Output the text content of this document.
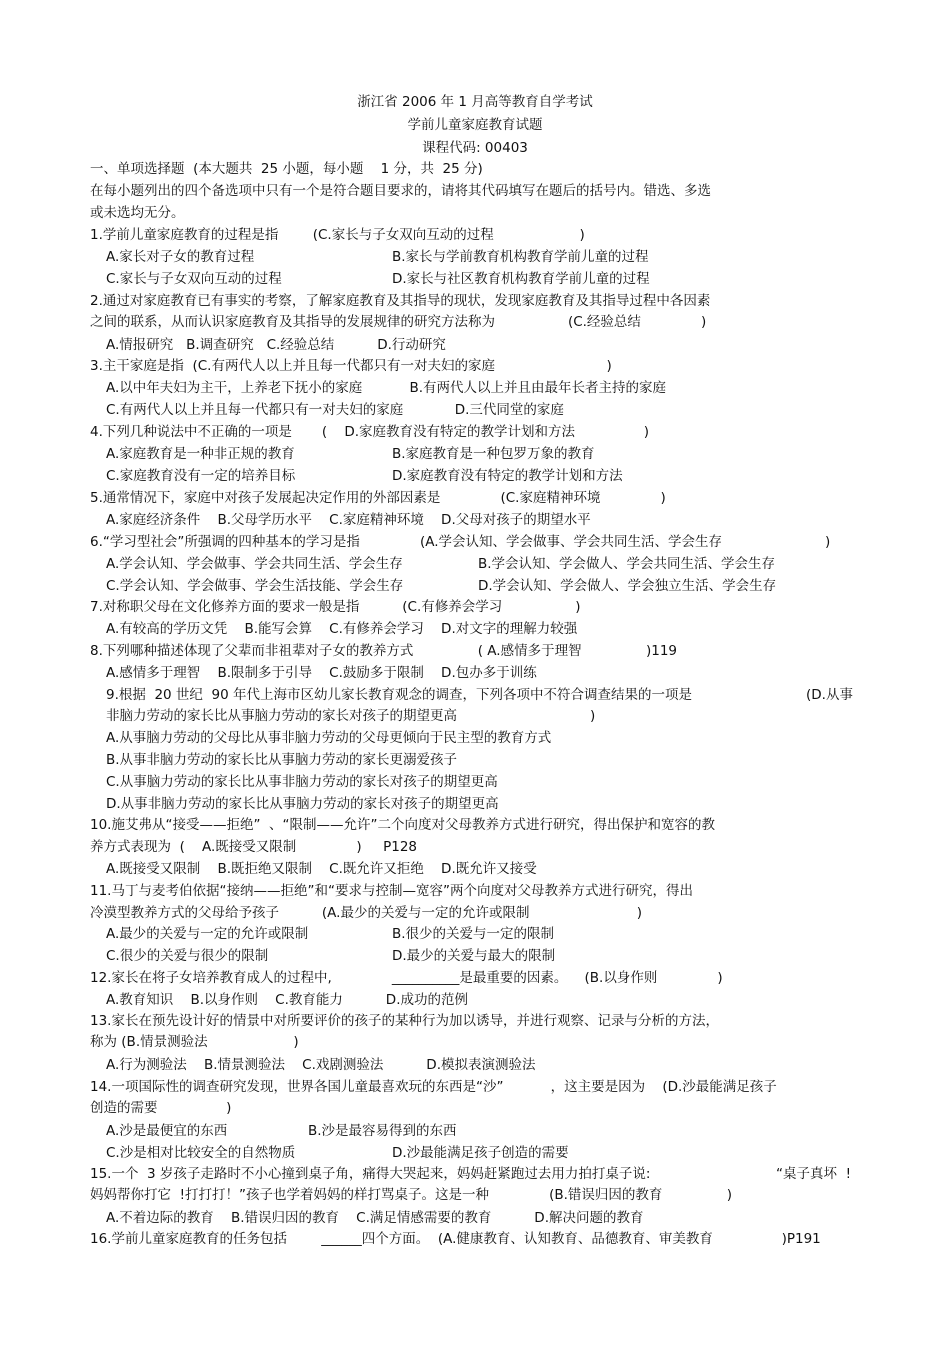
浙江省 2006 年 1 月高等教育自学考试
学前儿童家庭教育试题
课程代码: 00403
一、单项选择题  (本大题共  25 小题，每小题    1 分，共  25 分)
在每小题列出的四个备选项中只有一个是符合题目要求的，请将其代码填写在题后的括号内。错选、多选
或未选均无分。
1.学前儿童家庭教育的过程是指        (C.家长与子女双向互动的过程                    )
A.家长对子女的教育过程	B.家长与学前教育机构教育学前儿童的过程
C.家长与子女双向互动的过程	D.家长与社区教育机构教育学前儿童的过程
2.通过对家庭教育已有事实的考察，了解家庭教育及其指导的现状，发现家庭教育及其指导过程中各因素
之间的联系，从而认识家庭教育及其指导的发展规律的研究方法称为                 (C.经验总结              )
A.情报研究   B.调查研究   C.经验总结          D.行动研究
3.主干家庭是指  (C.有两代人以上并且每一代都只有一对夫妇的家庭                          )
A.以中年夫妇为主干，上养老下抚小的家庭           B.有两代人以上并且由最年长者主持的家庭
C.有两代人以上并且每一代都只有一对夫妇的家庭            D.三代同堂的家庭
4.下列几种说法中不正确的一项是       (    D.家庭教育没有特定的教学计划和方法                )
A.家庭教育是一种非正规的教育	B.家庭教育是一种包罗万象的教育
C.家庭教育没有一定的培养目标	D.家庭教育没有特定的教学计划和方法
5.通常情况下，家庭中对孩子发展起决定作用的外部因素是              (C.家庭精神环境              )
A.家庭经济条件    B.父母学历水平    C.家庭精神环境    D.父母对孩子的期望水平
6.“学习型社会”所强调的四种基本的学习是指              (A.学会认知、学会做事、学会共同生活、学会生存                        )
A.学会认知、学会做事、学会共同生活、学会生存	B.学会认知、学会做人、学会共同生活、学会生存
C.学会认知、学会做事、学会生活技能、学会生存	D.学会认知、学会做人、学会独立生活、学会生存
7.对称职父母在文化修养方面的要求一般是指          (C.有修养会学习                 )
A.有较高的学历文凭    B.能写会算    C.有修养会学习    D.对文字的理解力较强
8.下列哪种描述体现了父辈而非祖辈对子女的教养方式               ( A.感情多于理智               )119
A.感情多于理智    B.限制多于引导    C.鼓励多于限制    D.包办多于训练
9.根据  20 世纪  90 年代上海市区幼儿家长教育观念的调查，下列各项中不符合调查结果的一项是	(D.从事
非脑力劳动的家长比从事脑力劳动的家长对孩子的期望更高                               )
A.从事脑力劳动的父母比从事非脑力劳动的父母更倾向于民主型的教育方式
B.从事非脑力劳动的家长比从事脑力劳动的家长更溺爱孩子
C.从事脑力劳动的家长比从事非脑力劳动的家长对孩子的期望更高
D.从事非脑力劳动的家长比从事脑力劳动的家长对孩子的期望更高
10.施艾弗从“接受——拒绝”  、“限制——允许”二个向度对父母教养方式进行研究，得出保护和宽容的教
养方式表现为  (    A.既接受又限制              )     P128
A.既接受又限制    B.既拒绝又限制    C.既允许又拒绝    D.既允许又接受
11.马丁与麦考伯依据“接纳——拒绝”和“要求与控制—宽容”两个向度对父母教养方式进行研究，得出
冷漠型教养方式的父母给予孩子          (A.最少的关爱与一定的允许或限制                         )
A.最少的关爱与一定的允许或限制	B.很少的关爱与一定的限制
C.很少的关爱与很少的限制	D.最少的关爱与最大的限制
12.家长在将子女培养教育成人的过程中,              __________是最重要的因素。    (B.以身作则              )
A.教育知识    B.以身作则    C.教育能力          D.成功的范例
13.家长在预先设计好的情景中对所要评价的孩子的某种行为加以诱导，并进行观察、记录与分析的方法，
称为 (B.情景测验法                    )
A.行为测验法    B.情景测验法    C.戏剧测验法          D.模拟表演测验法
14.一项国际性的调查研究发现，世界各国儿童最喜欢玩的东西是“沙”           ，这主要是因为    (D.沙最能满足孩子
创造的需要                )
A.沙是最便宜的东西	B.沙是最容易得到的东西
C.沙是相对比较安全的自然物质	D.沙最能满足孩子创造的需要
15.一个  3 岁孩子走路时不小心撞到桌子角，痛得大哭起来，妈妈赶紧跑过去用力拍打桌子说:	“桌子真坏  !
妈妈帮你打它  !打打打！”孩子也学着妈妈的样打骂桌子。这是一种              (B.错误归因的教育               )
A.不着边际的教育    B.错误归因的教育    C.满足情感需要的教育          D.解决问题的教育
16.学前儿童家庭教育的任务包括        ______四个方面。  (A.健康教育、认知教育、品德教育、审美教育                )P191
